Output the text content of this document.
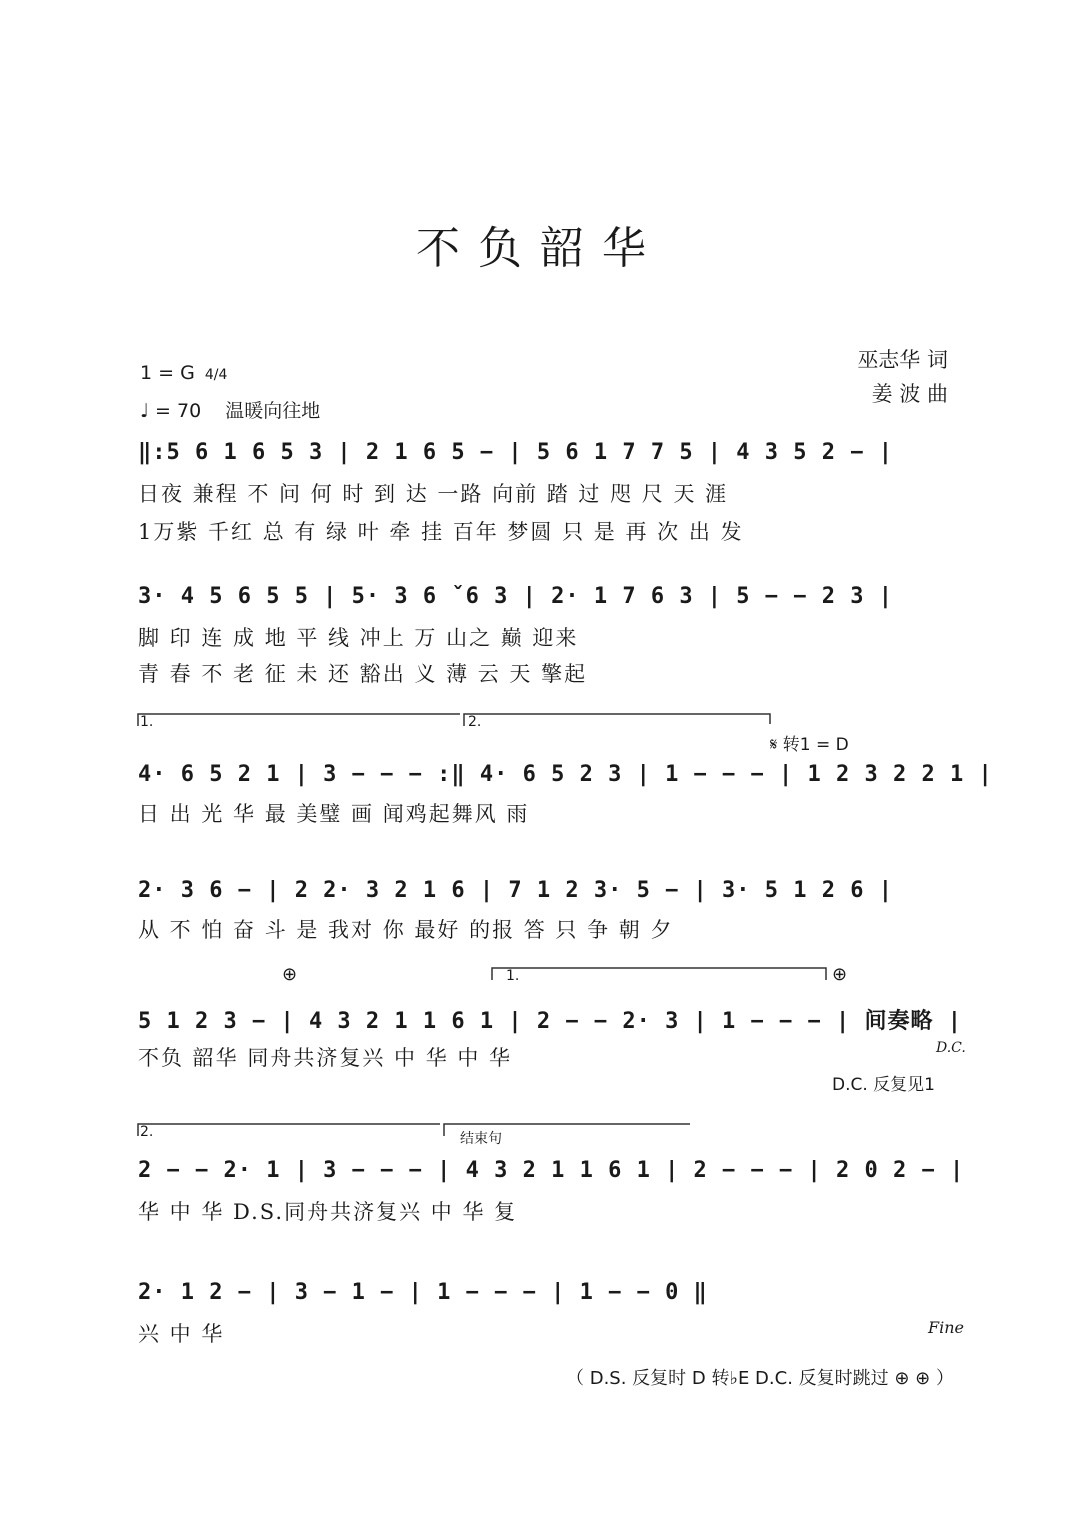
不负韶华
巫志华 词
姜 波 曲
1 = G 4/4
♩ = 70 温暖向往地
‖:5 6 1 6 5 3 | 2 1 6 5 − | 5 6 1 7 7 5 | 4 3 5 2 − |
日夜 兼程 不 问 何 时 到 达 一路 向前 踏 过 咫 尺 天 涯
1万紫 千红 总 有 绿 叶 牵 挂 百年 梦圆 只 是 再 次 出 发
3· 4 5 6 5 5 | 5· 3 6 ˇ6 3 | 2· 1 7 6 3 | 5 − − 2 3 |
脚 印 连 成 地 平 线 冲上 万 山之 巅 迎来
青 春 不 老 征 未 还 豁出 义 薄 云 天 擎起
1.	2.
𝄋 转1 = D
4· 6 5 2 1 | 3 − − − :‖ 4· 6 5 2 3 | 1 − − − | 1 2 3 2 2 1 |
日 出 光 华 最 美璧 画 闻鸡起舞风 雨
2· 3 6 − | 2 2· 3 2 1 6 | 7 1 2 3· 5 − | 3· 5 1 2 6 |
从 不 怕 奋 斗 是 我对 你 最好 的报 答 只 争 朝 夕
⊕	1.	⊕
5 1 2 3 − | 4 3 2 1 1 6 1 | 2 − − 2· 3 | 1 − − − | 间奏略 |
不负 韶华 同舟共济复兴 中 华 中 华	D.C.
D.C. 反复见1
2.	结束句
2 − − 2· 1 | 3 − − − | 4 3 2 1 1 6 1 | 2 − − − | 2 0 2 − |
华 中 华 D.S.同舟共济复兴 中 华 复
2· 1 2 − | 3 − 1 − | 1 − − − | 1 − − 0 ‖
兴 中 华	Fine
（ D.S. 反复时 D 转♭E D.C. 反复时跳过 ⊕ ⊕ ）
